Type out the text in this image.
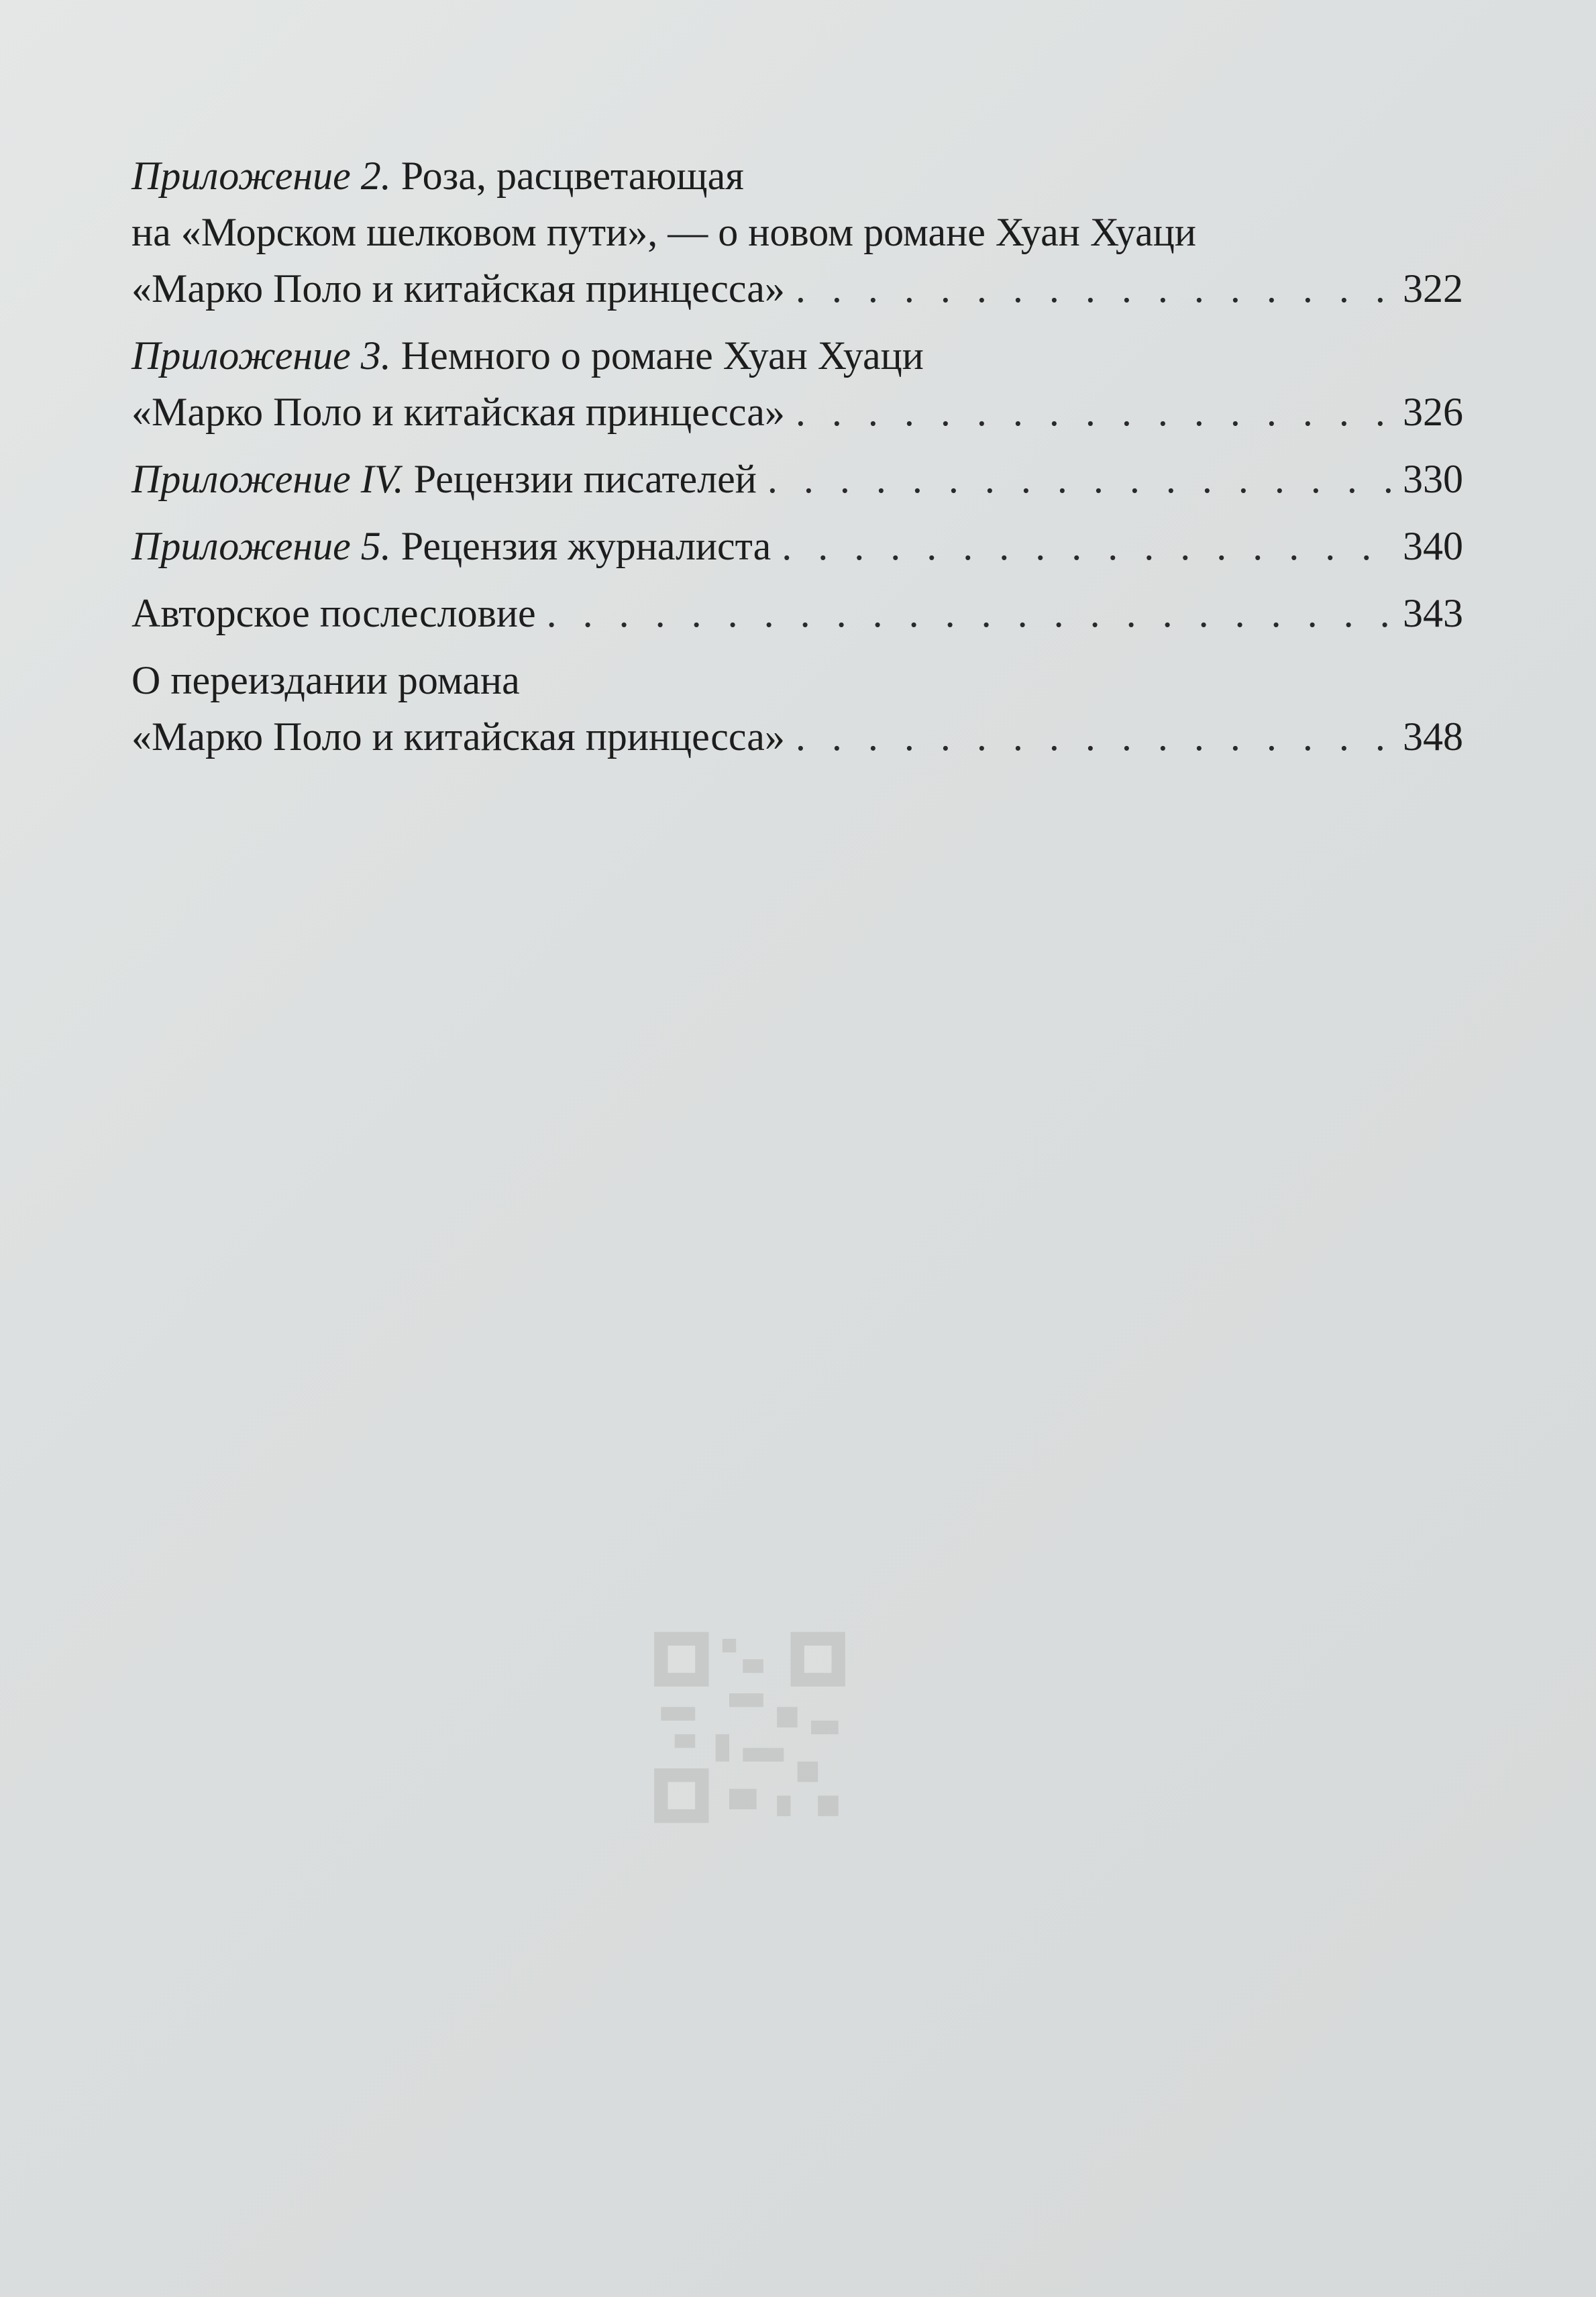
Приложение 2. Роза, расцветающая
на «Морском шелковом пути», — о новом романе Хуан Хуаци
«Марко Поло и китайская принцесса» . . .	322
Приложение 3. Немного о романе Хуан Хуаци
«Марко Поло и китайская принцесса» . . .	326
Приложение IV. Рецензии писателей . . .	330
Приложение 5. Рецензия журналиста . . .	340
Авторское послесловие . . .	343
О переиздании романа
«Марко Поло и китайская принцесса» . . .	348
